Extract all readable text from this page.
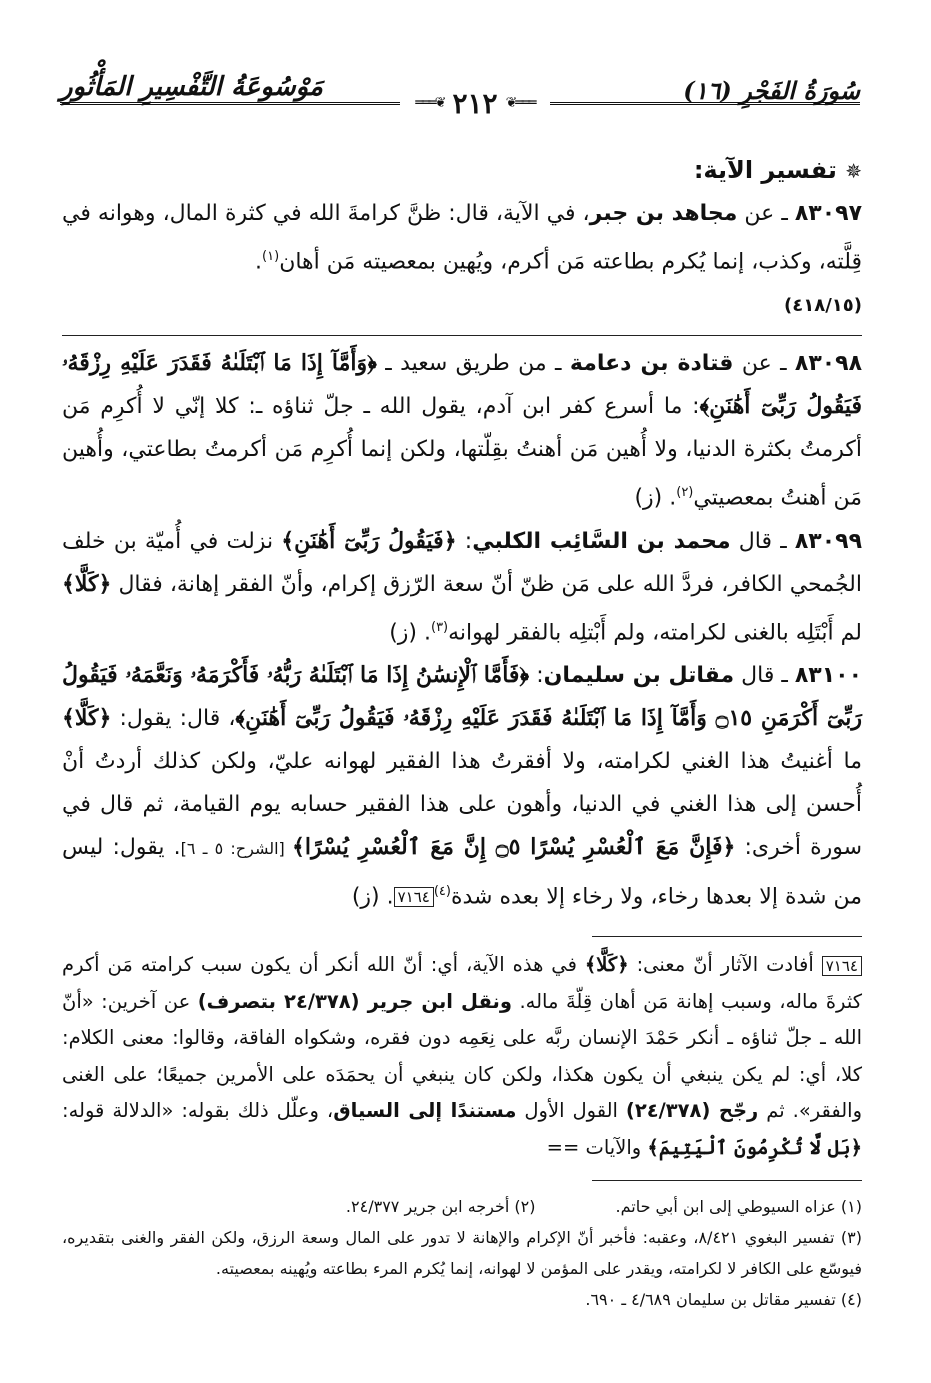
سُورَةُ الفَجْرِ (١٦)
مَوْسُوعَةُ التَّفْسِيرِ المَأْثُورِ
═══❦ ٢١٢ ❦═══
✵ تفسير الآية:

٨٣٠٩٧ ـ عن مجاهد بن جبر، في الآية، قال: ظنَّ كرامةَ الله في كثرة المال، وهوانه في قِلَّته، وكذب، إنما يُكرم بطاعته مَن أكرم، ويُهين بمعصيته مَن أهان$^{(١)}$.
(٤١٨/١٥)

٨٣٠٩٨ ـ عن قتادة بن دعامة ـ من طريق سعيد ـ ﴿وَأَمَّآ إِذَا مَا ٱبْتَلَىٰهُ فَقَدَرَ عَلَيْهِ رِزْقَهُۥ فَيَقُولُ رَبِّىٓ أَهَٰنَنِ﴾: ما أسرع كفر ابن آدم، يقول الله ـ جلّ ثناؤه ـ: كلا إنّي لا أُكرِم مَن أكرمتُ بكثرة الدنيا، ولا أُهين مَن أهنتُ بقِلّتها، ولكن إنما أُكرِم مَن أكرمتُ بطاعتي، وأُهين مَن أهنتُ بمعصيتي$^{(٢)}$. (ز)

٨٣٠٩٩ ـ قال محمد بن السَّائِب الكلبي: ﴿فَيَقُولُ رَبِّىٓ أَهَٰنَنِ﴾ نزلت في أُميّة بن خلف الجُمحي الكافر، فردَّ الله على مَن ظنّ أنّ سعة الرّزق إكرام، وأنّ الفقر إهانة، فقال ﴿كَلَّا﴾ لم أَبْتَلِه بالغنى لكرامته، ولم أَبْتلِه بالفقر لهوانه$^{(٣)}$. (ز)

٨٣١٠٠ ـ قال مقاتل بن سليمان: ﴿فَأَمَّا ٱلْإِنسَٰنُ إِذَا مَا ٱبْتَلَىٰهُ رَبُّهُۥ فَأَكْرَمَهُۥ وَنَعَّمَهُۥ فَيَقُولُ رَبِّىٓ أَكْرَمَنِ ۝١٥ وَأَمَّآ إِذَا مَا ٱبْتَلَىٰهُ فَقَدَرَ عَلَيْهِ رِزْقَهُۥ فَيَقُولُ رَبِّىٓ أَهَٰنَنِ﴾، قال: يقول: ﴿كَلَّا﴾ ما أغنيتُ هذا الغني لكرامته، ولا أفقرتُ هذا الفقير لهوانه عليّ، ولكن كذلك أردتُ أنْ أُحسن إلى هذا الغني في الدنيا، وأهون على هذا الفقير حسابه يوم القيامة، ثم قال في سورة أخرى: ﴿فَإِنَّ مَعَ ٱلْعُسْرِ يُسْرًا ۝٥ إِنَّ مَعَ ٱلْعُسْرِ يُسْرًا﴾ [الشرح: ٥ ـ ٦]. يقول: ليس من شدة إلا بعدها رخاء، ولا رخاء إلا بعده شدة$^{(٤)}$٧١٦٤. (ز)

٧١٦٤ أفادت الآثار أنّ معنى: ﴿كَلَّا﴾ في هذه الآية، أي: أنّ الله أنكر أن يكون سبب كرامته مَن أكرم كثرةَ ماله، وسبب إهانة مَن أهان قِلّةَ ماله. ونقل ابن جرير (٢٤/٣٧٨ بتصرف) عن آخرين: «أنّ الله ـ جلّ ثناؤه ـ أنكر حَمْدَ الإنسان ربَّه على نِعَمِه دون فقره، وشكواه الفاقة، وقالوا: معنى الكلام: كلا، أي: لم يكن ينبغي أن يكون هكذا، ولكن كان ينبغي أن يحمَدَه على الأمرين جميعًا؛ على الغنى والفقر». ثم رجّح (٢٤/٣٧٨) القول الأول مستندًا إلى السياق، وعلّل ذلك بقوله: «الدلالة قوله: ﴿بَل لَّا تُكْرِمُونَ ٱلْيَتِيمَ﴾ والآيات ==

(١) عزاه السيوطي إلى ابن أبي حاتم.

(٢) أخرجه ابن جرير ٢٤/٣٧٧.

(٣) تفسير البغوي ٨/٤٢١، وعقبه: فأخبر أنّ الإكرام والإهانة لا تدور على المال وسعة الرزق، ولكن الفقر والغنى بتقديره، فيوسّع على الكافر لا لكرامته، ويقدر على المؤمن لا لهوانه، إنما يُكرم المرء بطاعته ويُهينه بمعصيته.

(٤) تفسير مقاتل بن سليمان ٤/٦٨٩ ـ ٦٩٠.
